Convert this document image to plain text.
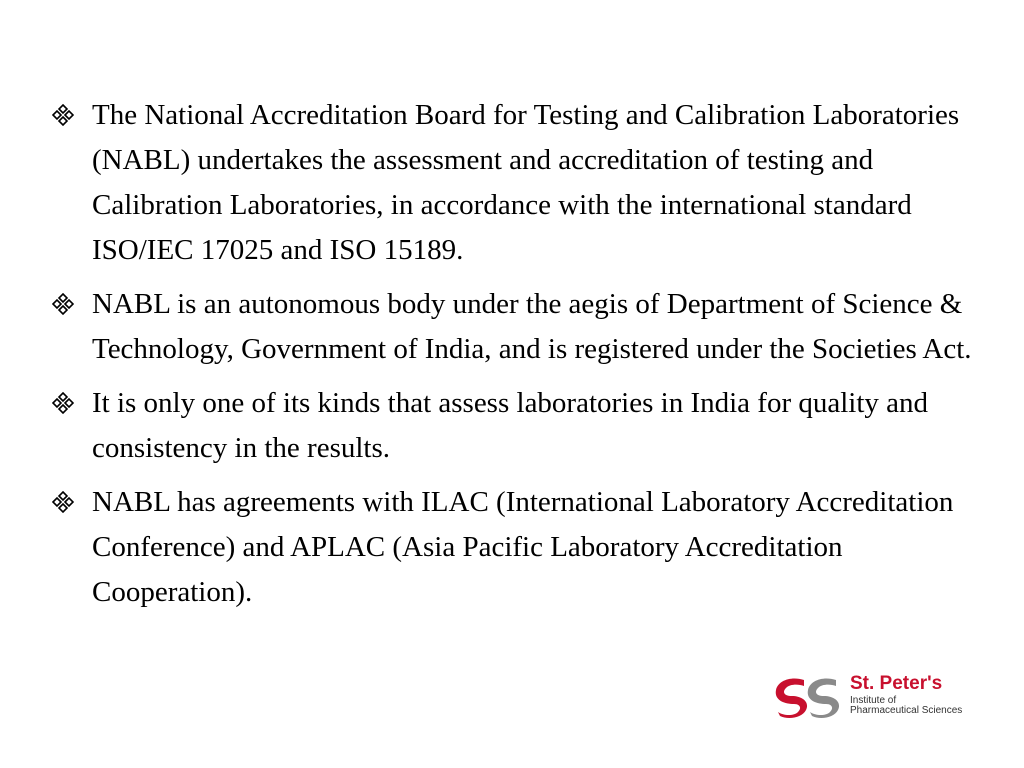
The National Accreditation Board for Testing and Calibration Laboratories (NABL) undertakes the assessment and accreditation of testing and Calibration Laboratories, in accordance with the international standard ISO/IEC 17025 and ISO 15189.
NABL is an autonomous body under the aegis of Department of Science & Technology, Government of India, and is registered under the Societies Act.
It is only one of its kinds that assess laboratories in India for quality and consistency in the results.
NABL has agreements with ILAC (International Laboratory Accreditation Conference) and APLAC (Asia Pacific Laboratory Accreditation Cooperation).
St. Peter's
Institute of
Pharmaceutical Sciences
